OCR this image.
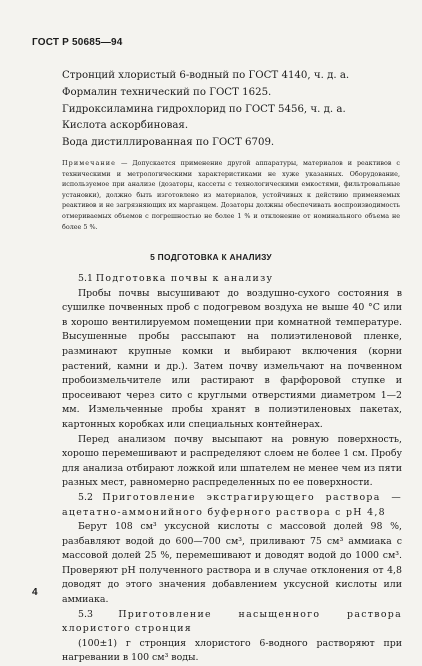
ГОСТ Р 50685—94
Стронций хлористый 6-водный по ГОСТ 4140, ч. д. а.
Формалин технический по ГОСТ 1625.
Гидроксиламина гидрохлорид по ГОСТ 5456, ч. д. а.
Кислота аскорбиновая.
Вода дистиллированная по ГОСТ 6709.
Примечание — Допускается применение другой аппаратуры, материалов и реактивов с техническими и метрологическими характеристиками не хуже указанных. Оборудование, используемое при анализе (дозаторы, кассеты с технологическими емкостями, фильтровальные установки), должно быть изготовлено из материалов, устойчивых к действию применяемых реактивов и не загрязняющих их марганцем. Дозаторы должны обеспечивать воспроизводимость отмериваемых объемов с погрешностью не более 1 % и отклонение от номинального объема не более 5 %.
5 ПОДГОТОВКА К АНАЛИЗУ

5.1 Подготовка почвы к анализу

Пробы почвы высушивают до воздушно-сухого состояния в сушилке почвенных проб с подогревом воздуха не выше 40 °С или в хорошо вентилируемом помещении при комнатной температуре. Высушенные пробы рассыпают на полиэтиленовой пленке, разминают крупные комки и выбирают включения (корни растений, камни и др.). Затем почву измельчают на почвенном пробоизмельчителе или растирают в фарфоровой ступке и просеивают через сито с круглыми отверстиями диаметром 1—2 мм. Измельченные пробы хранят в полиэтиленовых пакетах, картонных коробках или специальных контейнерах.

Перед анализом почву высыпают на ровную поверхность, хорошо перемешивают и распределяют слоем не более 1 см. Пробу для анализа отбирают ложкой или шпателем не менее чем из пяти разных мест, равномерно распределенных по ее поверхности.

5.2 Приготовление экстрагирующего раствора — ацетатно-аммонийного буферного раствора с рН 4,8

Берут 108 см³ уксусной кислоты с массовой долей 98 %, разбавляют водой до 600—700 см³, приливают 75 см³ аммиака с массовой долей 25 %, перемешивают и доводят водой до 1000 см³. Проверяют рН полученного раствора и в случае отклонения от 4,8 доводят до этого значения добавлением уксусной кислоты или аммиака.

5.3	Приготовление насыщенного раствора хлористого стронция

(100±1) г стронция хлористого 6-водного растворяют при нагревании в 100 см³ воды.

4
